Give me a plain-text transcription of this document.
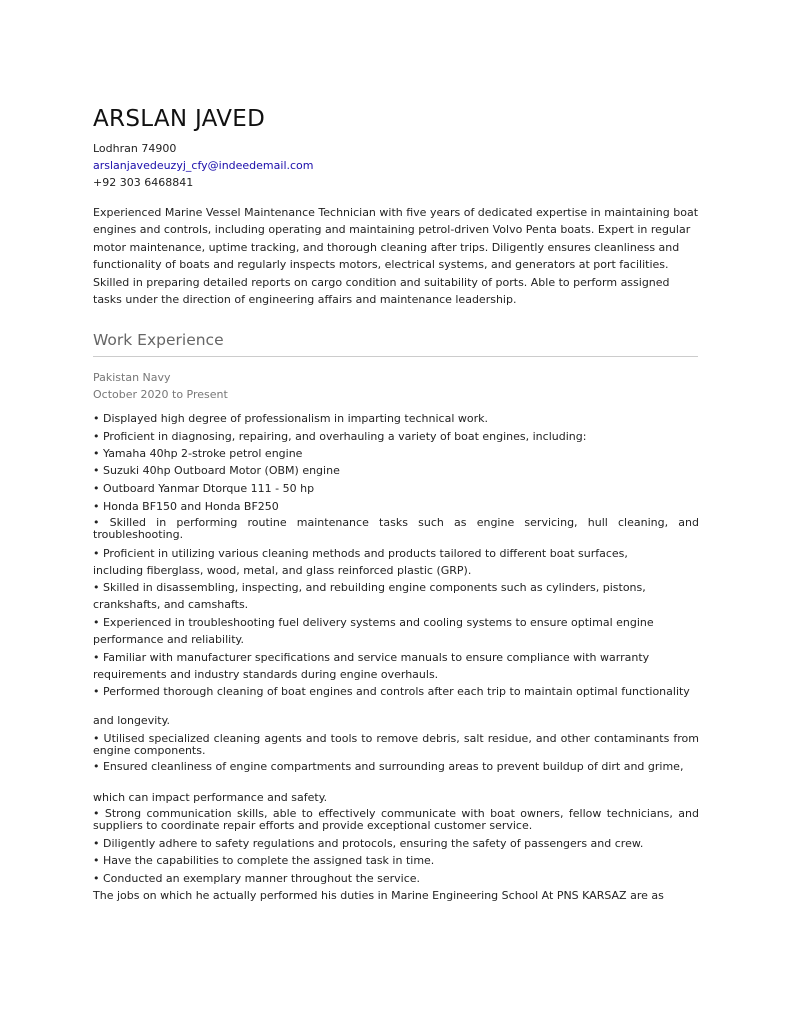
ARSLAN JAVED
Lodhran 74900
arslanjavedeuzyj_cfy@indeedemail.com
+92 303 6468841

Experienced Marine Vessel Maintenance Technician with five years of dedicated expertise in maintaining boat engines and controls, including operating and maintaining petrol-driven Volvo Penta boats. Expert in regular motor maintenance, uptime tracking, and thorough cleaning after trips. Diligently ensures cleanliness and functionality of boats and regularly inspects motors, electrical systems, and generators at port facilities. Skilled in preparing detailed reports on cargo condition and suitability of ports. Able to perform assigned tasks under the direction of engineering affairs and maintenance leadership.

Work Experience
Pakistan Navy
October 2020 to Present

• Displayed high degree of professionalism in imparting technical work.

• Proficient in diagnosing, repairing, and overhauling a variety of boat engines, including:

• Yamaha 40hp 2-stroke petrol engine

• Suzuki 40hp Outboard Motor (OBM) engine

• Outboard Yanmar Dtorque 111 - 50 hp

• Honda BF150 and Honda BF250

• Skilled in performing routine maintenance tasks such as engine servicing, hull cleaning, and troubleshooting.

• Proficient in utilizing various cleaning methods and products tailored to different boat surfaces, including fiberglass, wood, metal, and glass reinforced plastic (GRP).

• Skilled in disassembling, inspecting, and rebuilding engine components such as cylinders, pistons, crankshafts, and camshafts.

• Experienced in troubleshooting fuel delivery systems and cooling systems to ensure optimal engine performance and reliability.

• Familiar with manufacturer specifications and service manuals to ensure compliance with warranty requirements and industry standards during engine overhauls.

• Performed thorough cleaning of boat engines and controls after each trip to maintain optimal functionality

and longevity.

• Utilised specialized cleaning agents and tools to remove debris, salt residue, and other contaminants from engine components.

• Ensured cleanliness of engine compartments and surrounding areas to prevent buildup of dirt and grime,

which can impact performance and safety.

• Strong communication skills, able to effectively communicate with boat owners, fellow technicians, and suppliers to coordinate repair efforts and provide exceptional customer service.

• Diligently adhere to safety regulations and protocols, ensuring the safety of passengers and crew.

• Have the capabilities to complete the assigned task in time.

• Conducted an exemplary manner throughout the service.

The jobs on which he actually performed his duties in Marine Engineering School At PNS KARSAZ are as
